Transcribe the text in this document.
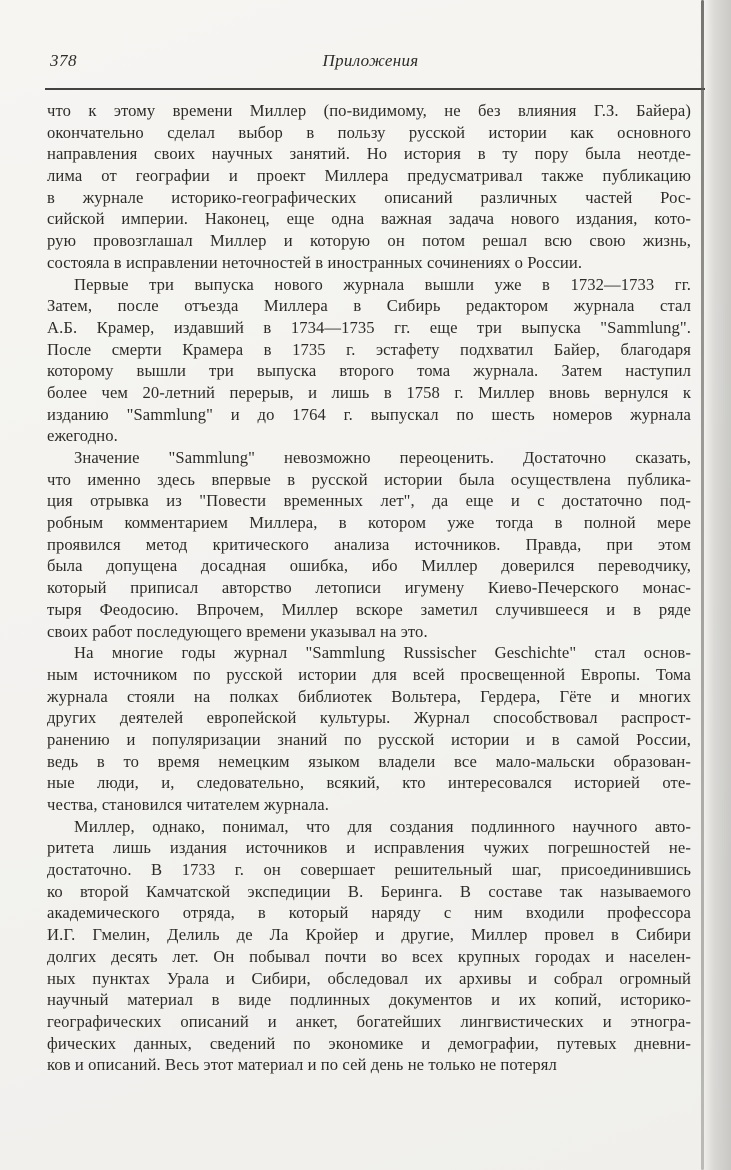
378	Приложения
что к этому времени Миллер (по-видимому, не без влияния Г.З. Байера)
окончательно сделал выбор в пользу русской истории как основного
направления своих научных занятий. Но история в ту пору была неотде-
лима от географии и проект Миллера предусматривал также публикацию
в журнале историко-географических описаний различных частей Рос-
сийской империи. Наконец, еще одна важная задача нового издания, кото-
рую провозглашал Миллер и которую он потом решал всю свою жизнь,
состояла в исправлении неточностей в иностранных сочинениях о России.
Первые три выпуска нового журнала вышли уже в 1732—1733 гг.
Затем, после отъезда Миллера в Сибирь редактором журнала стал
А.Б. Крамер, издавший в 1734—1735 гг. еще три выпуска "Sammlung".
После смерти Крамера в 1735 г. эстафету подхватил Байер, благодаря
которому вышли три выпуска второго тома журнала. Затем наступил
более чем 20-летний перерыв, и лишь в 1758 г. Миллер вновь вернулся к
изданию "Sammlung" и до 1764 г. выпускал по шесть номеров журнала
ежегодно.
Значение "Sammlung" невозможно переоценить. Достаточно сказать,
что именно здесь впервые в русской истории была осуществлена публика-
ция отрывка из "Повести временных лет", да еще и с достаточно под-
робным комментарием Миллера, в котором уже тогда в полной мере
проявился метод критического анализа источников. Правда, при этом
была допущена досадная ошибка, ибо Миллер доверился переводчику,
который приписал авторство летописи игумену Киево-Печерского монас-
тыря Феодосию. Впрочем, Миллер вскоре заметил случившееся и в ряде
своих работ последующего времени указывал на это.
На многие годы журнал "Sammlung Russischer Geschichte" стал основ-
ным источником по русской истории для всей просвещенной Европы. Тома
журнала стояли на полках библиотек Вольтера, Гердера, Гёте и многих
других деятелей европейской культуры. Журнал способствовал распрост-
ранению и популяризации знаний по русской истории и в самой России,
ведь в то время немецким языком владели все мало-мальски образован-
ные люди, и, следовательно, всякий, кто интересовался историей оте-
чества, становился читателем журнала.
Миллер, однако, понимал, что для создания подлинного научного авто-
ритета лишь издания источников и исправления чужих погрешностей не-
достаточно. В 1733 г. он совершает решительный шаг, присоединившись
ко второй Камчатской экспедиции В. Беринга. В составе так называемого
академического отряда, в который наряду с ним входили профессора
И.Г. Гмелин, Делиль де Ла Кройер и другие, Миллер провел в Сибири
долгих десять лет. Он побывал почти во всех крупных городах и населен-
ных пунктах Урала и Сибири, обследовал их архивы и собрал огромный
научный материал в виде подлинных документов и их копий, историко-
географических описаний и анкет, богатейших лингвистических и этногра-
фических данных, сведений по экономике и демографии, путевых дневни-
ков и описаний. Весь этот материал и по сей день не только не потерял
